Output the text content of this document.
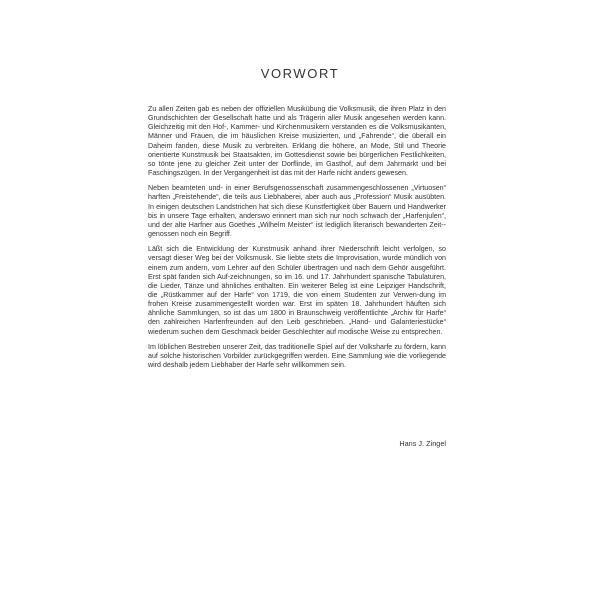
VORWORT

Zu allen Zeiten gab es neben der offiziellen Musikübung die Volksmusik, die ihren Platz in den Grundschichten der Gesellschaft hatte und als Trägerin aller Musik angesehen werden kann. Gleichzeitig mit den Hof-, Kammer- und Kirchenmusikern verstanden es die Volksmusikanten, Männer und Frauen, die im häuslichen Kreise musizierten, und „Fahrende“, die überall ein Daheim fanden, diese Musik zu verbreiten. Erklang die höhere, an Mode, Stil und Theorie orientierte Kunstmusik bei Staatsakten, im Gottesdienst sowie bei bürgerlichen Festlichkeiten, so tönte jene zu gleicher Zeit unter der Dorflinde, im Gasthof, auf dem Jahrmarkt und bei Faschingszügen. In der Vergangenheit ist das mit der Harfe nicht anders gewesen.

Neben beamteten und- in einer Berufsgenossenschaft zusammengeschlossenen „Virtuosen“ harften „Freistehende“, die teils aus Liebhaberei, aber auch aus „Profession“ Musik ausübten. In einigen deutschen Landstrichen hat sich diese Kunstfertigkeit über Bauern und Handwerker bis in unsere Tage erhalten, anderswo erinnert man sich nur noch schwach der „Harfenjulen“, und der alte Harfner aus Goethes „Wilhelm Meister“ ist lediglich literarisch bewanderten Zeit-genossen noch ein Begriff.

Läßt sich die Entwicklung der Kunstmusik anhand ihrer Niederschrift leicht verfolgen, so versagt dieser Weg bei der Volksmusik. Sie liebte stets die Improvisation, wurde mündlich von einem zum andern, vom Lehrer auf den Schüler übertragen und nach dem Gehör ausgeführt. Erst spät fanden sich Auf-zeichnungen, so im 16. und 17. Jahrhundert spanische Tabulaturen, die Lieder, Tänze und ähnliches enthalten. Ein weiterer Beleg ist eine Leipziger Handschrift, die „Rüstkammer auf der Harfe“ von 1719, die von einem Studenten zur Verwen-dung im frohen Kreise zusammengestellt worden war. Erst im späten 18. Jahrhundert häuften sich ähnliche Sammlungen, so ist das um 1800 in Braunschweig veröffentlichte „Archiv für Harfe“ den zahlreichen Harfenfreunden auf den Leib geschrieben. „Hand- und Galanteriestücke“ wiederum suchen dem Geschmack beider Geschlechter auf modische Weise zu entsprechen.

Im löblichen Bestreben unserer Zeit, das traditionelle Spiel auf der Volksharfe zu fördern, kann auf solche historischen Vorbilder zurückgegriffen werden. Eine Sammlung wie die vorliegende wird deshalb jedem Liebhaber der Harfe sehr willkommen sein.

Hans J. Zingel
